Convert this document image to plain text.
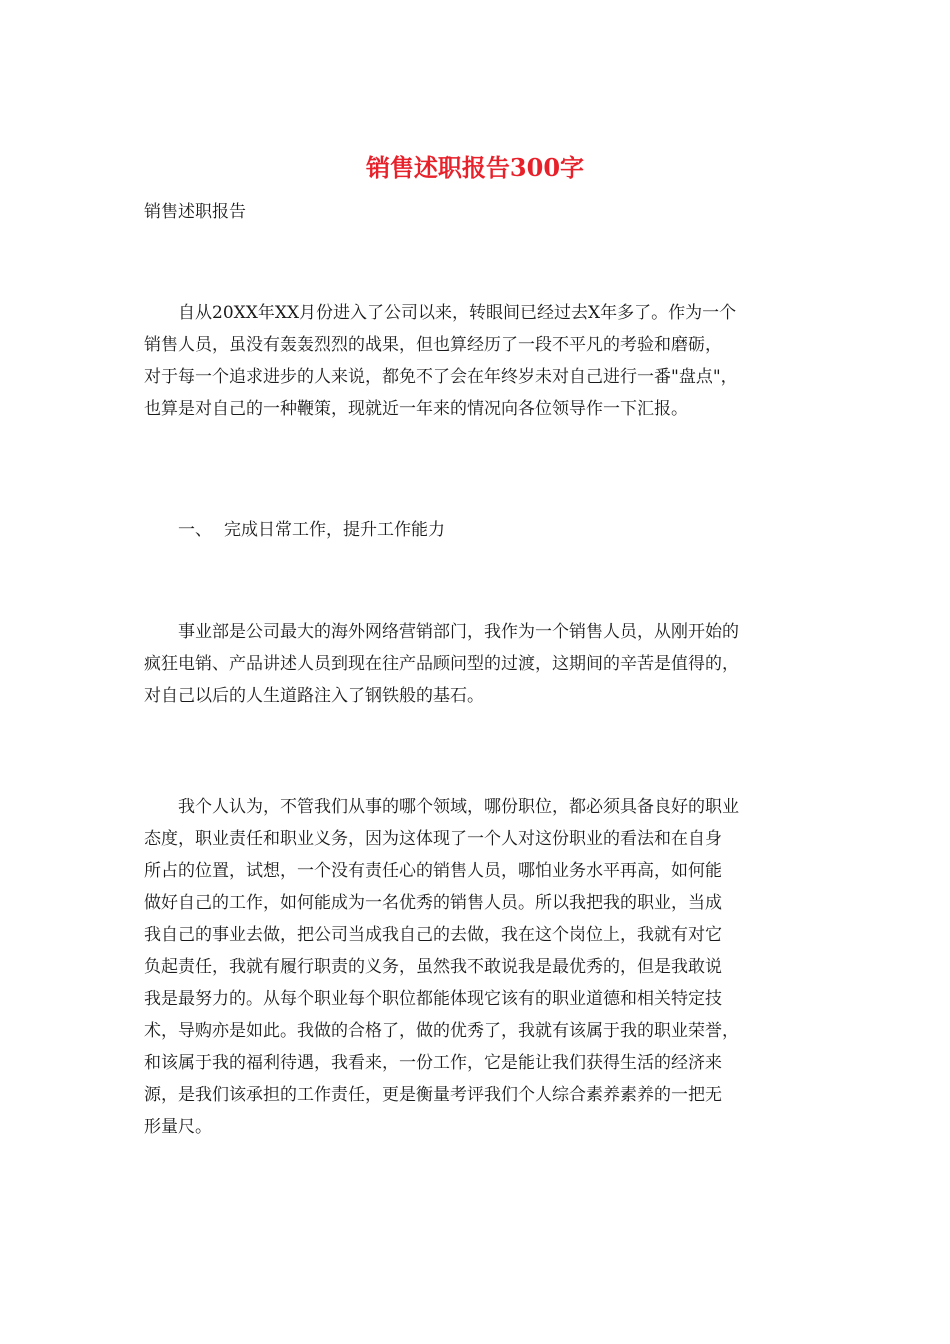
销售述职报告300字

销售述职报告

自从20XX年XX月份进入了公司以来，转眼间已经过去X年多了。作为一个
销售人员，虽没有轰轰烈烈的战果，但也算经历了一段不平凡的考验和磨砺，
对于每一个追求进步的人来说，都免不了会在年终岁未对自己进行一番"盘点"，
也算是对自己的一种鞭策，现就近一年来的情况向各位领导作一下汇报。

一、 完成日常工作，提升工作能力

事业部是公司最大的海外网络营销部门，我作为一个销售人员，从刚开始的
疯狂电销、产品讲述人员到现在往产品顾问型的过渡，这期间的辛苦是值得的，
对自己以后的人生道路注入了钢铁般的基石。

我个人认为，不管我们从事的哪个领域，哪份职位，都必须具备良好的职业
态度，职业责任和职业义务，因为这体现了一个人对这份职业的看法和在自身
所占的位置，试想，一个没有责任心的销售人员，哪怕业务水平再高，如何能
做好自己的工作，如何能成为一名优秀的销售人员。所以我把我的职业，当成
我自己的事业去做，把公司当成我自己的去做，我在这个岗位上，我就有对它
负起责任，我就有履行职责的义务，虽然我不敢说我是最优秀的，但是我敢说
我是最努力的。从每个职业每个职位都能体现它该有的职业道德和相关特定技
术，导购亦是如此。我做的合格了，做的优秀了，我就有该属于我的职业荣誉，
和该属于我的福利待遇，我看来，一份工作，它是能让我们获得生活的经济来
源，是我们该承担的工作责任，更是衡量考评我们个人综合素养素养的一把无
形量尺。
